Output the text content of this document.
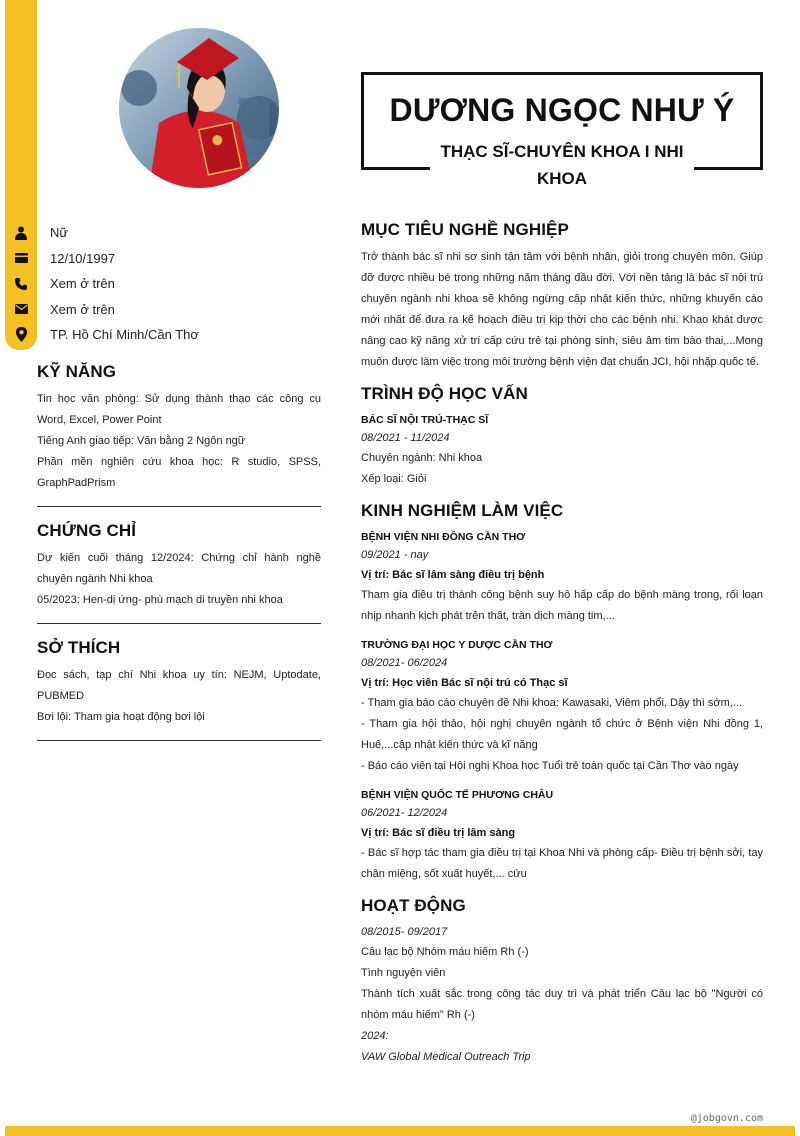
@jobgovn.com
DƯƠNG NGỌC NHƯ Ý
THẠC SĨ-CHUYÊN KHOA I NHI KHOA
Nữ
12/10/1997
Xem ở trên
Xem ở trên
TP. Hồ Chí Minh/Cần Thơ
KỸ NĂNG
Tin học văn phòng: Sử dụng thành thạo các công cụ Word, Excel, Power Point
Tiếng Anh giao tiếp: Văn bằng 2 Ngôn ngữ
Phần mền nghiên cứu khoa học: R studio, SPSS, GraphPadPrism
CHỨNG CHỈ
Dự kiến cuối tháng 12/2024: Chứng chỉ hành nghề chuyên ngành Nhi khoa
05/2023: Hen-dị ứng- phù mạch di truyền nhi khoa
SỞ THÍCH
Đọc sách, tạp chí Nhi khoa uy tín: NEJM, Uptodate, PUBMED
Bơi lội: Tham gia hoạt động bơi lội
MỤC TIÊU NGHỀ NGHIỆP
Trở thành bác sĩ nhi sơ sinh tận tâm với bệnh nhân, giỏi trong chuyên môn. Giúp đỡ được nhiều bé trong những năm tháng đầu đời. Với nền tảng là bác sĩ nội trú chuyên ngành nhi khoa sẽ không ngừng cập nhật kiến thức, những khuyến cáo mới nhất để đưa ra kế hoạch điều trị kịp thời cho các bệnh nhi. Khao khát được nâng cao kỹ năng xử trí cấp cứu trẻ tại phòng sinh, siêu âm tim bào thai,...Mong muốn được làm việc trong môi trường bệnh viện đạt chuẩn JCI, hội nhập quốc tế.
TRÌNH ĐỘ HỌC VẤN
BÁC SĨ NỘI TRÚ-THẠC SĨ
08/2021 - 11/2024
Chuyên ngành: Nhi khoa
Xếp loại: Giỏi
KINH NGHIỆM LÀM VIỆC
BỆNH VIỆN NHI ĐỒNG CẦN THƠ
09/2021 - nay
Vị trí: Bác sĩ lâm sàng điều trị bệnh
Tham gia điều trị thành công bệnh suy hô hấp cấp do bệnh màng trong, rối loạn nhịp nhanh kịch phát trên thất, tràn dịch màng tim,...
TRƯỜNG ĐẠI HỌC Y DƯỢC CẦN THƠ
08/2021- 06/2024
Vị trí: Học viên Bác sĩ nội trú có Thạc sĩ
- Tham gia báo cáo chuyên đề Nhi khoa: Kawasaki, Viêm phổi, Dậy thì sớm,...
- Tham gia hội thảo, hội nghị chuyên ngành tổ chức ở Bệnh viện Nhi đồng 1, Huế,...cập nhật kiến thức và kĩ năng
- Báo cáo viên tại Hội nghị Khoa học Tuổi trẻ toàn quốc tại Cần Thơ vào ngày
BỆNH VIỆN QUỐC TẾ PHƯƠNG CHÂU
06/2021- 12/2024
Vị trí: Bác sĩ điều trị lâm sàng
- Bác sĩ hợp tác tham gia điều trị tại Khoa Nhi và phòng cấp- Điều trị bệnh sởi, tay chân miệng, sốt xuất huyết,... cứu
HOẠT ĐỘNG
08/2015- 09/2017
Câu lạc bộ Nhóm máu hiếm Rh (-)
Tình nguyện viên
Thành tích xuất sắc trong công tác duy trì và phát triển Câu lạc bộ "Người có nhóm máu hiếm" Rh (-)
2024:
VAW Global Medical Outreach Trip
